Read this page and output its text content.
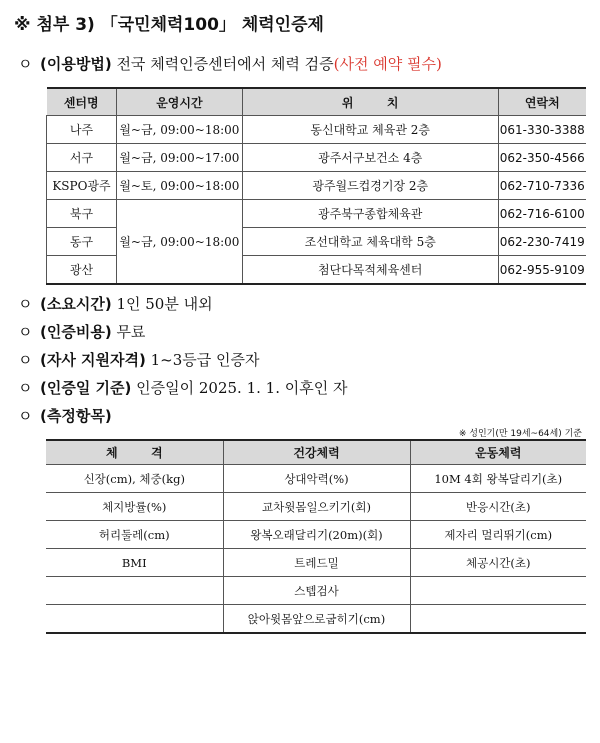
※ 첨부 3) 「국민체력100」 체력인증제
ㅇ (이용방법) 전국 체력인증센터에서 체력 검증(사전 예약 필수)
센터명	운영시간	위        치	연락처
나주	월~금, 09:00~18:00	동신대학교 체육관 2층	061-330-3388
서구	월~금, 09:00~17:00	광주서구보건소 4층	062-350-4566
KSPO광주	월~토, 09:00~18:00	광주월드컵경기장 2층	062-710-7336
북구	월~금, 09:00~18:00	광주북구종합체육관	062-716-6100
동구		조선대학교 체육대학 5층	062-230-7419
광산		첨단다목적체육센터	062-955-9109
ㅇ (소요시간) 1인 50분 내외
ㅇ (인증비용) 무료
ㅇ (자사 지원자격) 1~3등급 인증자
ㅇ (인증일 기준) 인증일이 2025. 1. 1. 이후인 자
ㅇ (측정항목)
※ 성인기(만 19세~64세) 기준
체        격	건강체력	운동체력
신장(cm), 체중(kg)	상대악력(%)	10M 4회 왕복달리기(초)
체지방률(%)	교차윗몸일으키기(회)	반응시간(초)
허리둘레(cm)	왕복오래달리기(20m)(회)	제자리 멀리뛰기(cm)
BMI	트레드밀	체공시간(초)
	스텝검사	
	앉아윗몸앞으로굽히기(cm)	
